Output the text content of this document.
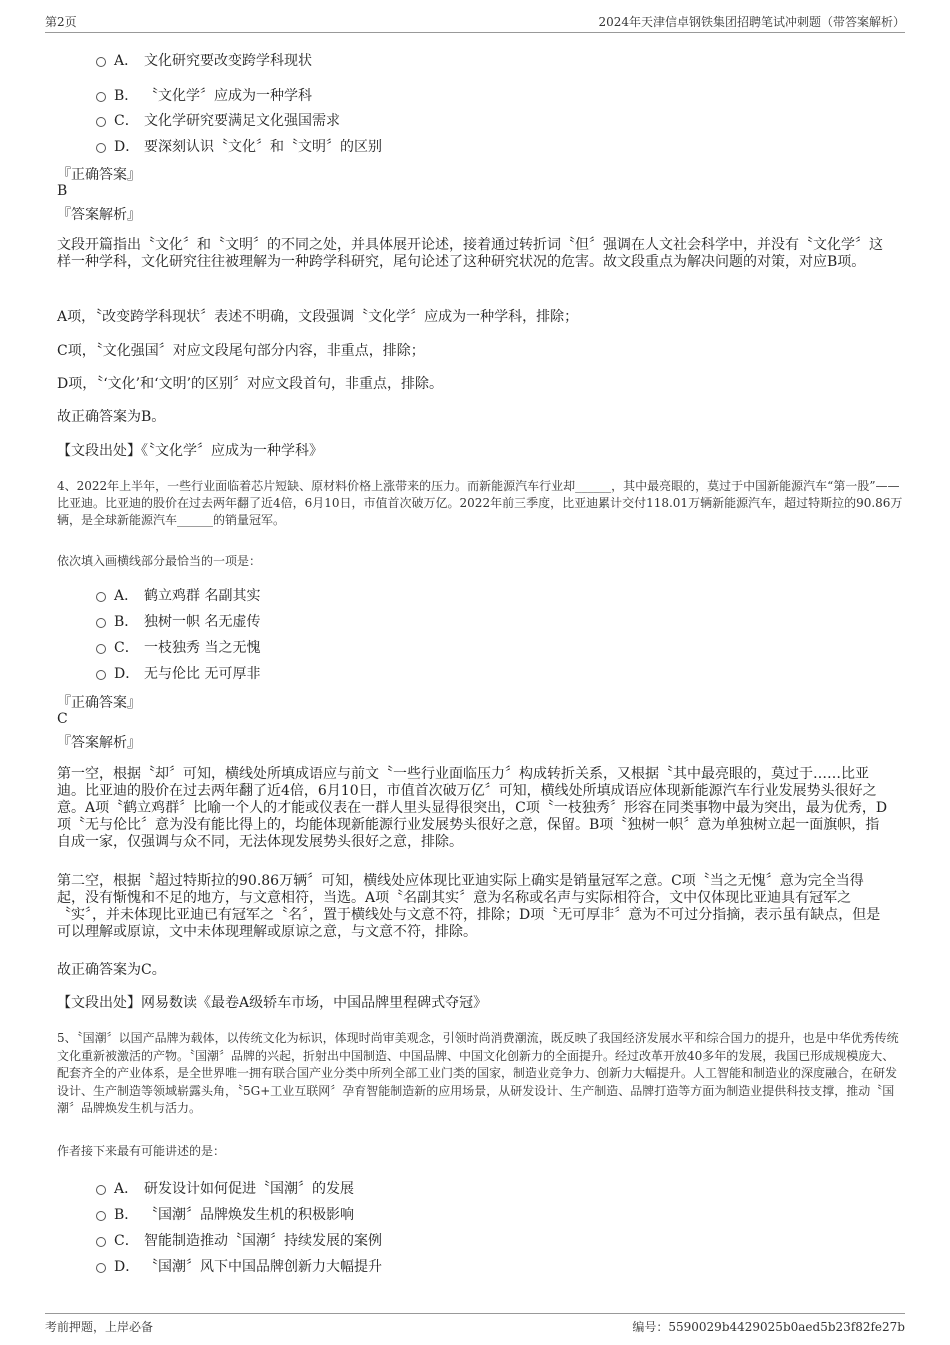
第2页	2024年天津信卓钢铁集团招聘笔试冲刺题（带答案解析）
A． 文化研究要改变跨学科现状
B． 〝文化学〞应成为一种学科
C． 文化学研究要满足文化强国需求
D． 要深刻认识〝文化〞和〝文明〞的区别
『正确答案』
B
『答案解析』
文段开篇指出〝文化〞和〝文明〞的不同之处，并具体展开论述，接着通过转折词〝但〞强调在人文社会科学中，并没有〝文化学〞这样一种学科，文化研究往往被理解为一种跨学科研究，尾句论述了这种研究状况的危害。故文段重点为解决问题的对策，对应B项。
A项，〝改变跨学科现状〞表述不明确，文段强调〝文化学〞应成为一种学科，排除；
C项，〝文化强国〞对应文段尾句部分内容，非重点，排除；
D项，〝‘文化’和‘文明’的区别〞对应文段首句，非重点，排除。
故正确答案为B。
【文段出处】《〝文化学〞应成为一种学科》
4、2022年上半年，一些行业面临着芯片短缺、原材料价格上涨带来的压力。而新能源汽车行业却______，其中最亮眼的，莫过于中国新能源汽车“第一股”——比亚迪。比亚迪的股价在过去两年翻了近4倍，6月10日，市值首次破万亿。2022年前三季度，比亚迪累计交付118.01万辆新能源汽车，超过特斯拉的90.86万辆，是全球新能源汽车______的销量冠军。
依次填入画横线部分最恰当的一项是：
A． 鹤立鸡群 名副其实
B． 独树一帜 名无虚传
C． 一枝独秀 当之无愧
D． 无与伦比 无可厚非
『正确答案』
C
『答案解析』
第一空，根据〝却〞可知，横线处所填成语应与前文〝一些行业面临压力〞构成转折关系，又根据〝其中最亮眼的，莫过于……比亚迪。比亚迪的股价在过去两年翻了近4倍，6月10日，市值首次破万亿〞可知，横线处所填成语应体现新能源汽车行业发展势头很好之意。A项〝鹤立鸡群〞比喻一个人的才能或仪表在一群人里头显得很突出，C项〝一枝独秀〞形容在同类事物中最为突出，最为优秀，D项〝无与伦比〞意为没有能比得上的，均能体现新能源行业发展势头很好之意，保留。B项〝独树一帜〞意为单独树立起一面旗帜，指自成一家，仅强调与众不同，无法体现发展势头很好之意，排除。
第二空，根据〝超过特斯拉的90.86万辆〞可知，横线处应体现比亚迪实际上确实是销量冠军之意。C项〝当之无愧〞意为完全当得起，没有惭愧和不足的地方，与文意相符，当选。A项〝名副其实〞意为名称或名声与实际相符合，文中仅体现比亚迪具有冠军之〝实〞，并未体现比亚迪已有冠军之〝名〞，置于横线处与文意不符，排除；D项〝无可厚非〞意为不可过分指摘，表示虽有缺点，但是可以理解或原谅，文中未体现理解或原谅之意，与文意不符，排除。
故正确答案为C。
【文段出处】网易数读《最卷A级轿车市场，中国品牌里程碑式夺冠》
5、〝国潮〞以国产品牌为载体，以传统文化为标识，体现时尚审美观念，引领时尚消费潮流，既反映了我国经济发展水平和综合国力的提升，也是中华优秀传统文化重新被激活的产物。〝国潮〞品牌的兴起，折射出中国制造、中国品牌、中国文化创新力的全面提升。经过改革开放40多年的发展，我国已形成规模庞大、配套齐全的产业体系，是全世界唯一拥有联合国产业分类中所列全部工业门类的国家，制造业竞争力、创新力大幅提升。人工智能和制造业的深度融合，在研发设计、生产制造等领域崭露头角，〝5G+工业互联网〞孕育智能制造新的应用场景，从研发设计、生产制造、品牌打造等方面为制造业提供科技支撑，推动〝国潮〞品牌焕发生机与活力。
作者接下来最有可能讲述的是：
A． 研发设计如何促进〝国潮〞的发展
B． 〝国潮〞品牌焕发生机的积极影响
C． 智能制造推动〝国潮〞持续发展的案例
D． 〝国潮〞风下中国品牌创新力大幅提升
考前押题，上岸必备	编号：5590029b4429025b0aed5b23f82fe27b
